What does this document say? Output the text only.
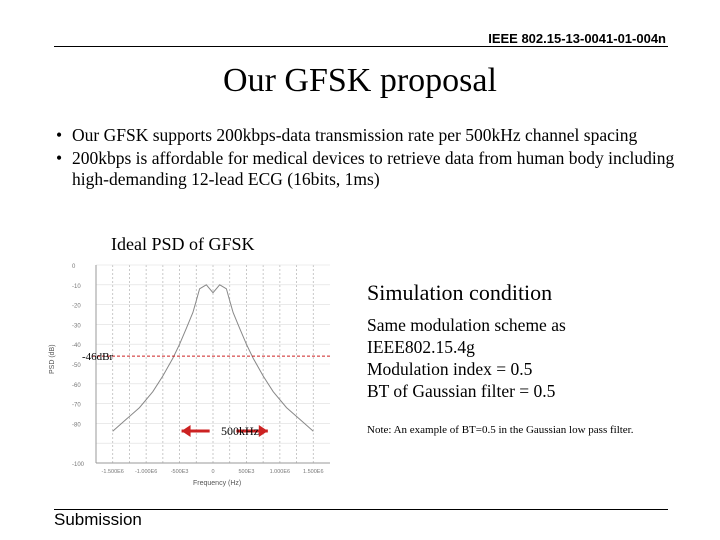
IEEE 802.15-13-0041-01-004n
Our GFSK proposal
• Our GFSK supports 200kbps-data transmission rate per 500kHz channel spacing
• 200kbps is affordable for medical devices to retrieve data from human body including high-demanding 12-lead ECG (16bits, 1ms)
Ideal PSD of GFSK
-46dBr
500kHz
0
-10
-20
-30
-40
-50
-60
-70
-80
-100
-1.500E6 -1.000E6 -500E3	0	500E3	1.000E6 1.500E6
PSD (dB)
Frequency (Hz)
Simulation condition
Same modulation scheme as
IEEE802.15.4g
Modulation index = 0.5
BT of Gaussian filter = 0.5
Note: An example of BT=0.5 in the Gaussian low pass filter.
Submission
